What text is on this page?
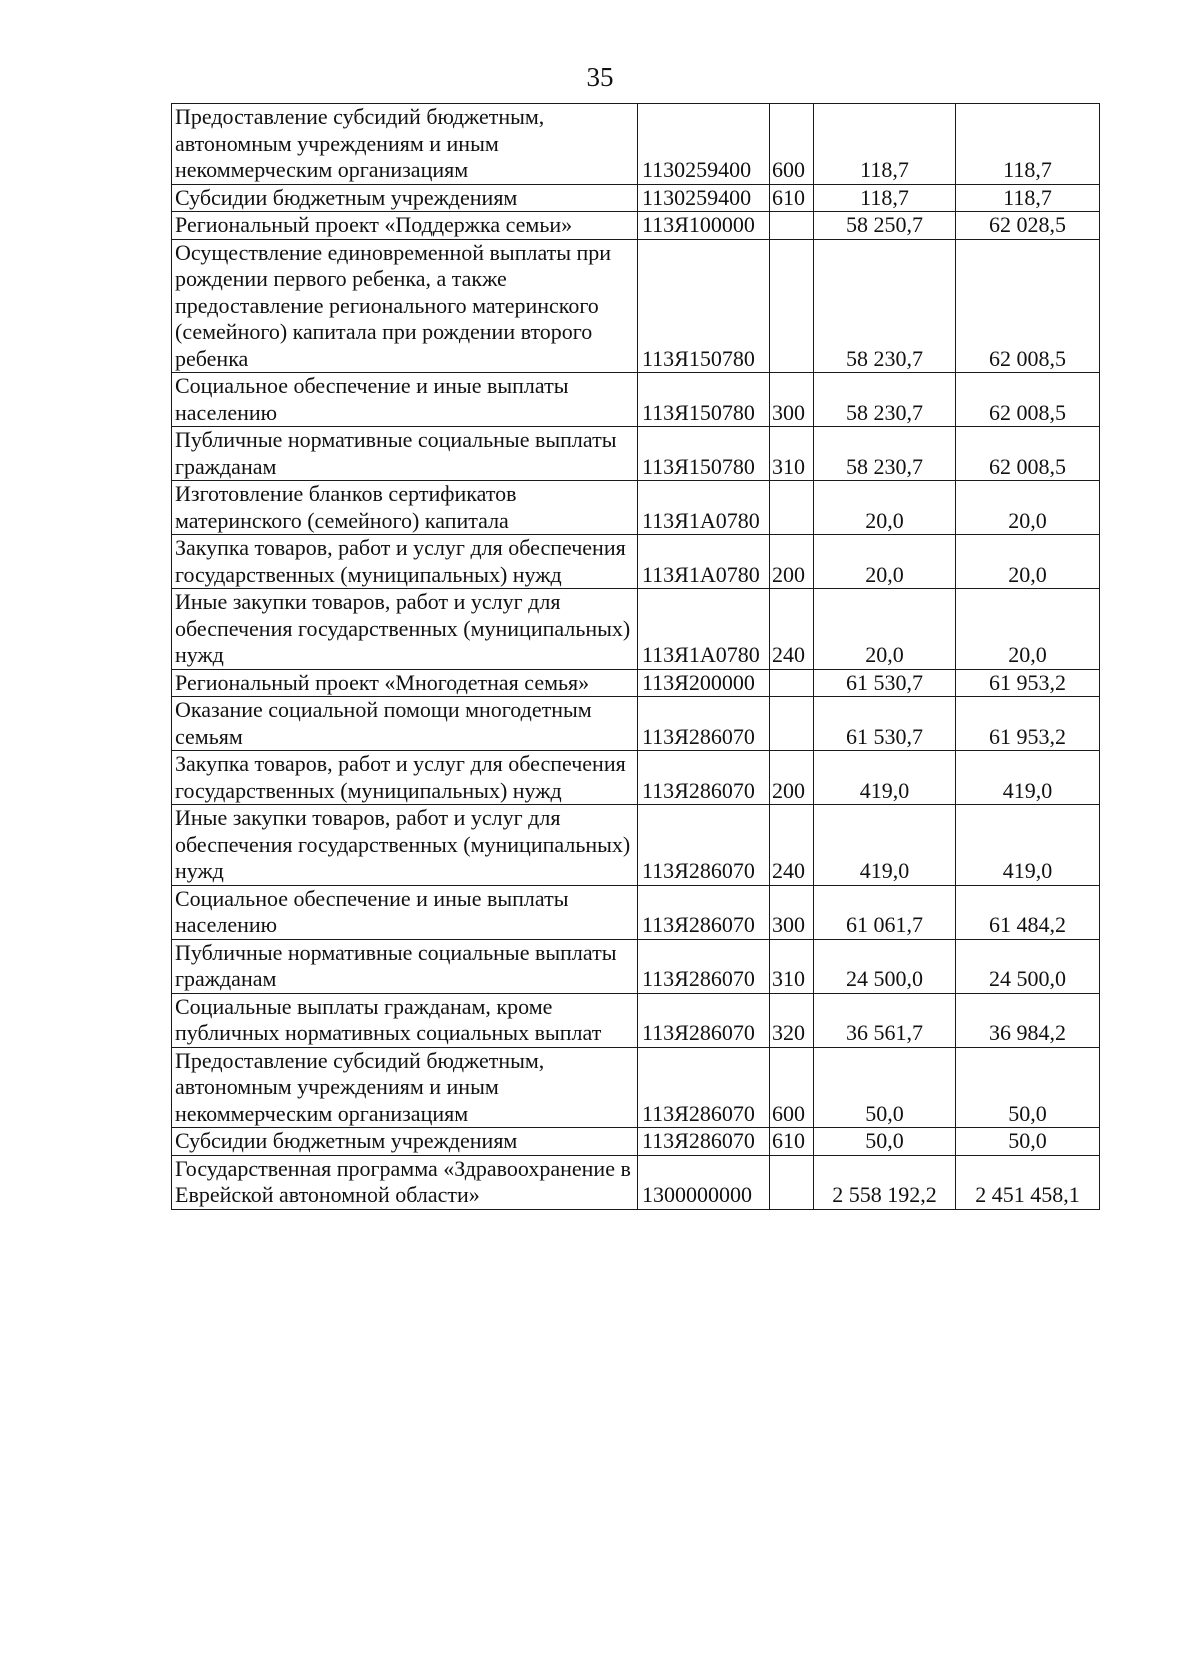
35
Предоставление субсидий бюджетным, автономным учреждениям и иным некоммерческим организациям	1130259400	600	118,7	118,7
Субсидии бюджетным учреждениям	1130259400	610	118,7	118,7
Региональный проект «Поддержка семьи»	113Я100000		58 250,7	62 028,5
Осуществление единовременной выплаты при рождении первого ребенка, а также предоставление регионального материнского (семейного) капитала при рождении второго ребенка	113Я150780		58 230,7	62 008,5
Социальное обеспечение и иные выплаты населению	113Я150780	300	58 230,7	62 008,5
Публичные нормативные социальные выплаты гражданам	113Я150780	310	58 230,7	62 008,5
Изготовление бланков сертификатов материнского (семейного) капитала	113Я1А0780		20,0	20,0
Закупка товаров, работ и услуг для обеспечения государственных (муниципальных) нужд	113Я1А0780	200	20,0	20,0
Иные закупки товаров, работ и услуг для обеспечения государственных (муниципальных) нужд	113Я1А0780	240	20,0	20,0
Региональный проект «Многодетная семья»	113Я200000		61 530,7	61 953,2
Оказание социальной помощи многодетным семьям	113Я286070		61 530,7	61 953,2
Закупка товаров, работ и услуг для обеспечения государственных (муниципальных) нужд	113Я286070	200	419,0	419,0
Иные закупки товаров, работ и услуг для обеспечения государственных (муниципальных) нужд	113Я286070	240	419,0	419,0
Социальное обеспечение и иные выплаты населению	113Я286070	300	61 061,7	61 484,2
Публичные нормативные социальные выплаты гражданам	113Я286070	310	24 500,0	24 500,0
Социальные выплаты гражданам, кроме публичных нормативных социальных выплат	113Я286070	320	36 561,7	36 984,2
Предоставление субсидий бюджетным, автономным учреждениям и иным некоммерческим организациям	113Я286070	600	50,0	50,0
Субсидии бюджетным учреждениям	113Я286070	610	50,0	50,0
Государственная программа «Здравоохранение в Еврейской автономной области»	1300000000		2 558 192,2	2 451 458,1
